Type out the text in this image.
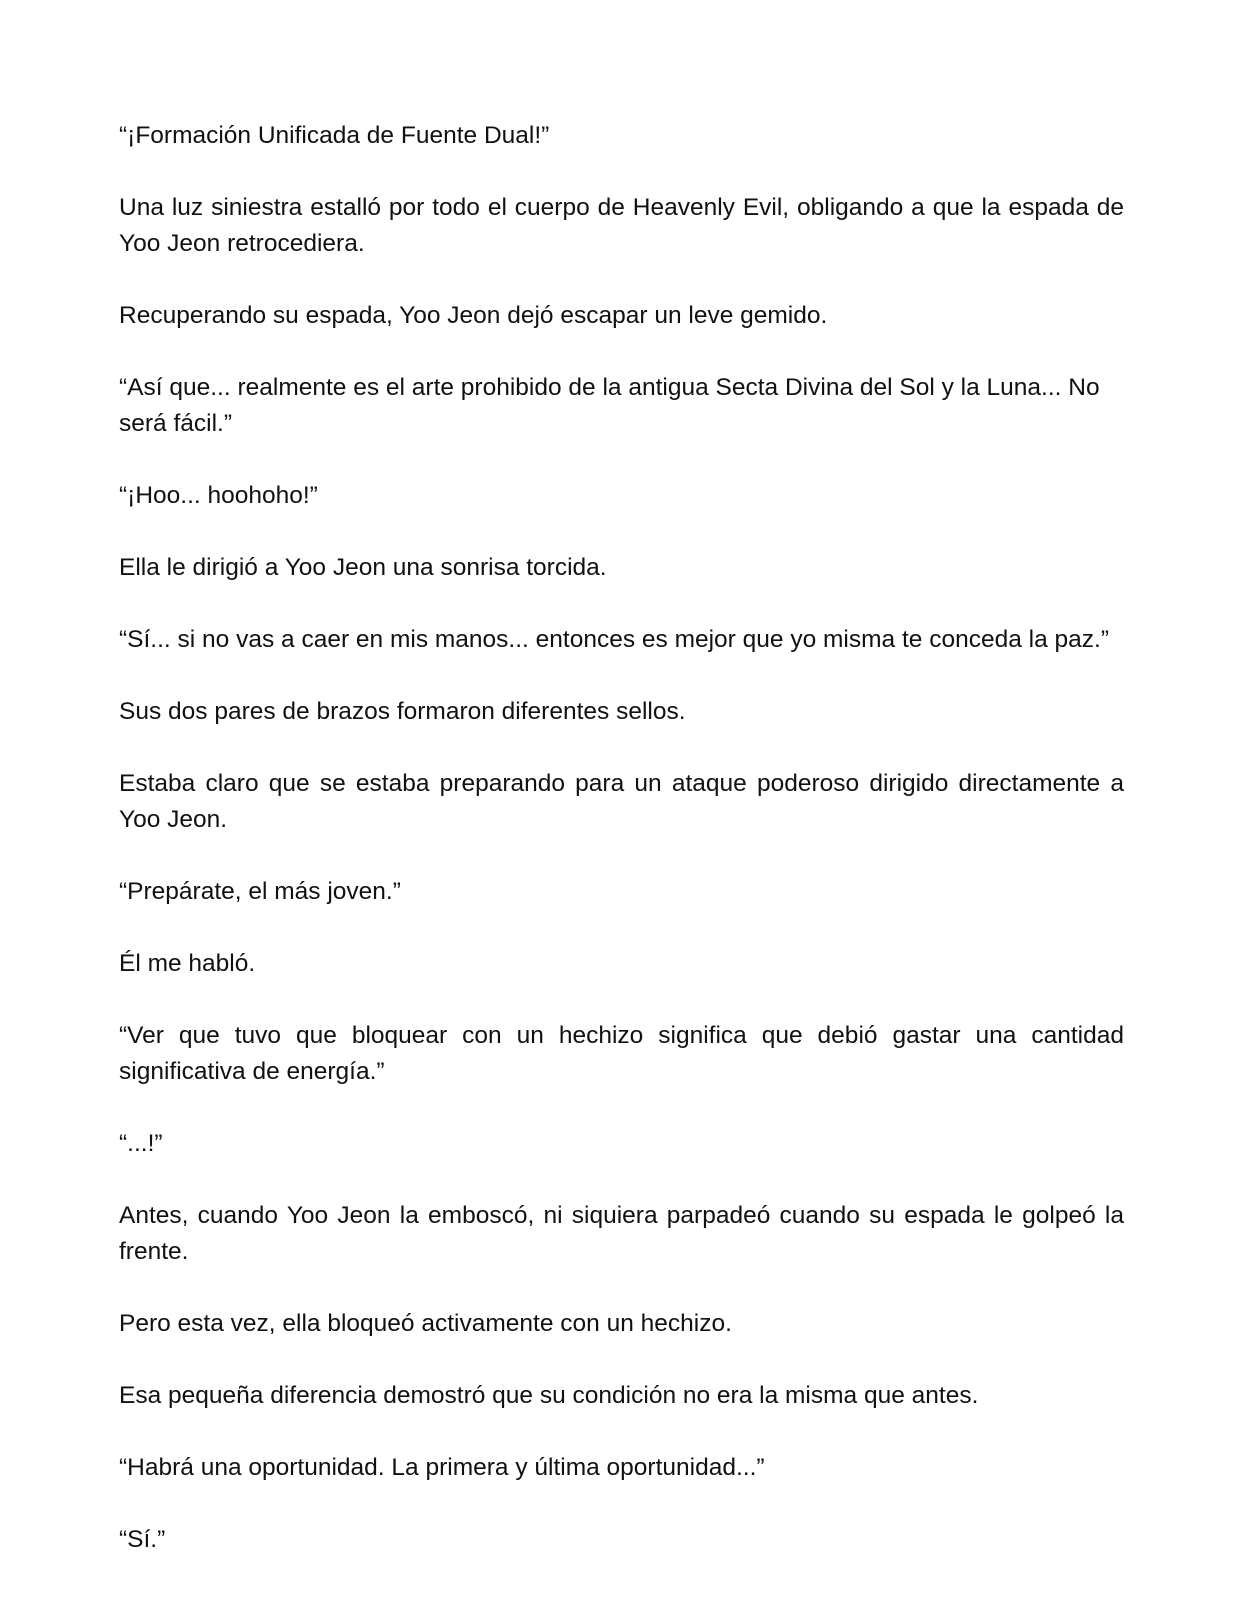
“¡Formación Unificada de Fuente Dual!”

Una luz siniestra estalló por todo el cuerpo de Heavenly Evil, obligando a que la espada de Yoo Jeon retrocediera.

Recuperando su espada, Yoo Jeon dejó escapar un leve gemido.

“Así que... realmente es el arte prohibido de la antigua Secta Divina del Sol y la Luna... No será fácil.”

“¡Hoo... hoohoho!”

Ella le dirigió a Yoo Jeon una sonrisa torcida.

“Sí... si no vas a caer en mis manos... entonces es mejor que yo misma te conceda la paz.”

Sus dos pares de brazos formaron diferentes sellos.

Estaba claro que se estaba preparando para un ataque poderoso dirigido directamente a Yoo Jeon.

“Prepárate, el más joven.”

Él me habló.

“Ver que tuvo que bloquear con un hechizo significa que debió gastar una cantidad significativa de energía.”

“...!”

Antes, cuando Yoo Jeon la emboscó, ni siquiera parpadeó cuando su espada le golpeó la frente.

Pero esta vez, ella bloqueó activamente con un hechizo.

Esa pequeña diferencia demostró que su condición no era la misma que antes.

“Habrá una oportunidad. La primera y última oportunidad...”

“Sí.”
